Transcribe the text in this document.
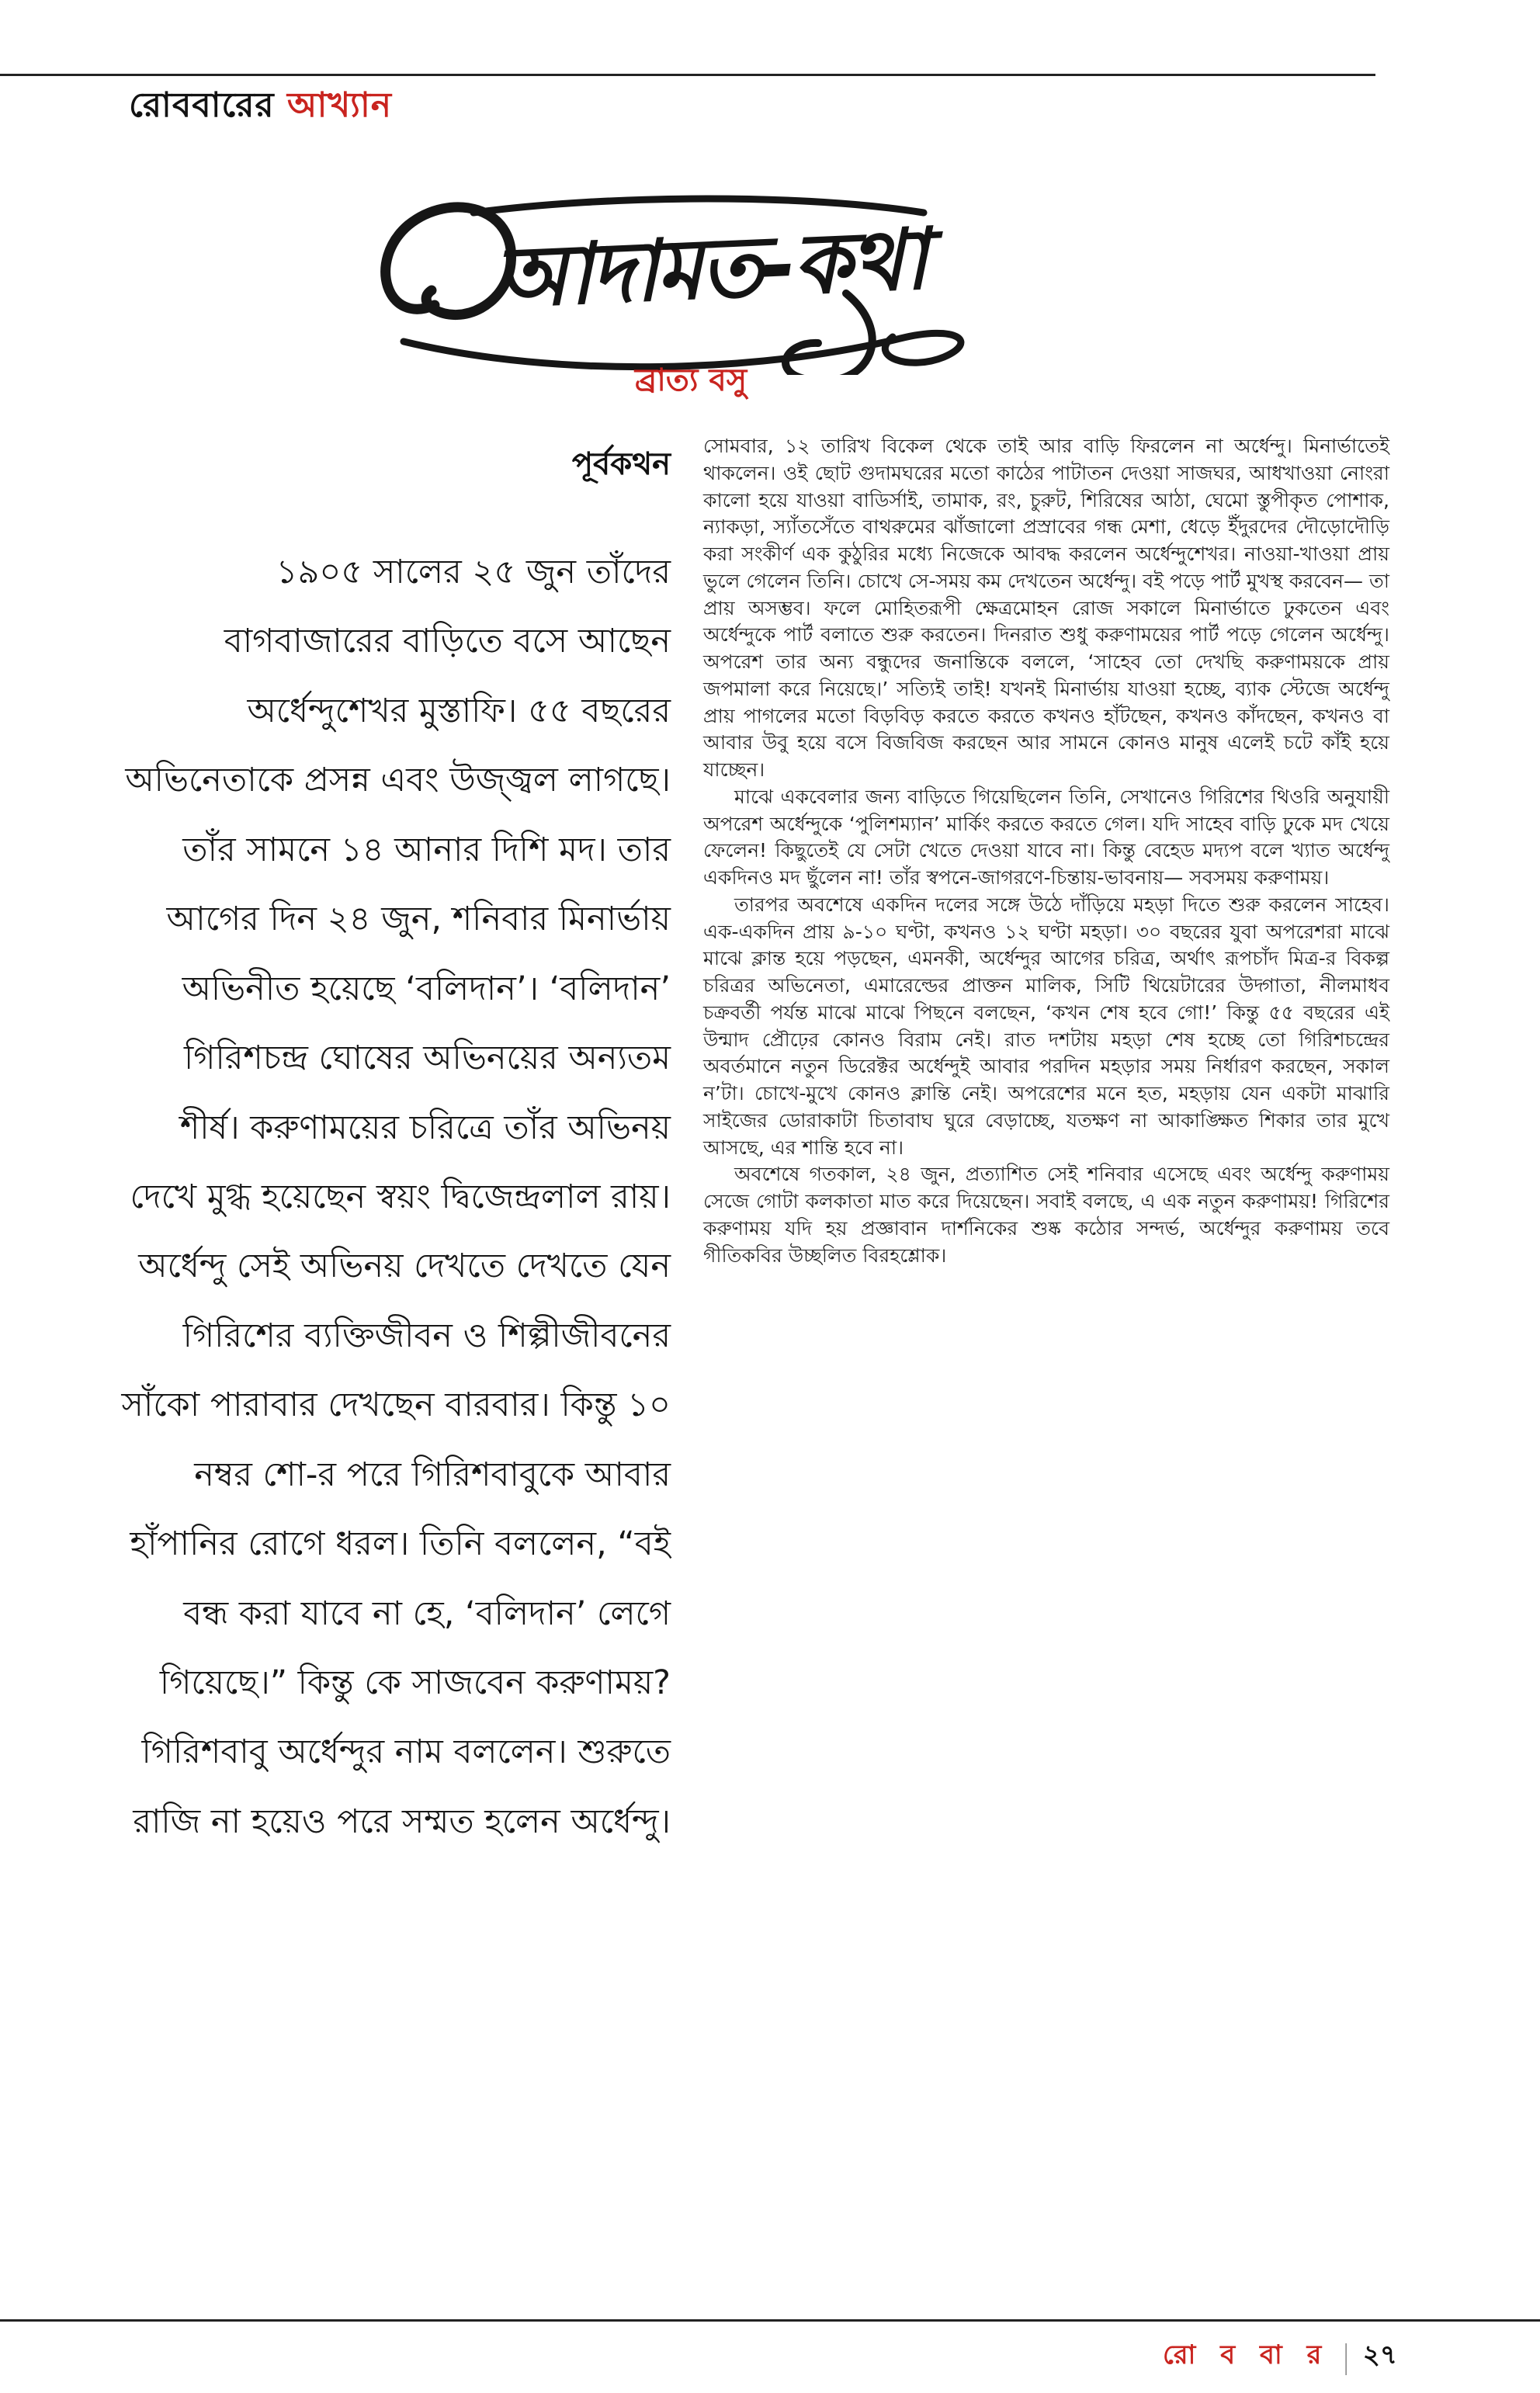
রোববারের আখ্যান
আদামত-কথা
ব্রাত্য বসু
পূর্বকথন

১৯০৫ সালের ২৫ জুন তাঁদের বাগবাজারের বাড়িতে বসে আছেন অর্ধেন্দুশেখর মুস্তাফি। ৫৫ বছরের অভিনেতাকে প্রসন্ন এবং উজ্জ্বল লাগছে। তাঁর সামনে ১৪ আনার দিশি মদ। তার আগের দিন ২৪ জুন, শনিবার মিনার্ভায় অভিনীত হয়েছে ‘বলিদান’। ‘বলিদান’ গিরিশচন্দ্র ঘোষের অভিনয়ের অন্যতম শীর্ষ। করুণাময়ের চরিত্রে তাঁর অভিনয় দেখে মুগ্ধ হয়েছেন স্বয়ং দ্বিজেন্দ্রলাল রায়। অর্ধেন্দু সেই অভিনয় দেখতে দেখতে যেন গিরিশের ব্যক্তিজীবন ও শিল্পীজীবনের সাঁকো পারাবার দেখছেন বারবার। কিন্তু ১০ নম্বর শো-র পরে গিরিশবাবুকে আবার হাঁপানির রোগে ধরল। তিনি বললেন, “বই বন্ধ করা যাবে না হে, ‘বলিদান’ লেগে গিয়েছে।” কিন্তু কে সাজবেন করুণাময়? গিরিশবাবু অর্ধেন্দুর নাম বললেন। শুরুতে রাজি না হয়েও পরে সম্মত হলেন অর্ধেন্দু।

সোমবার, ১২ তারিখ বিকেল থেকে তাই আর বাড়ি ফিরলেন না অর্ধেন্দু। মিনার্ভাতেই থাকলেন। ওই ছোট গুদামঘরের মতো কাঠের পাটাতন দেওয়া সাজঘর, আধখাওয়া নোংরা কালো হয়ে যাওয়া বাডির্সাই, তামাক, রং, চুরুট, শিরিষের আঠা, ঘেমো স্তুপীকৃত পোশাক, ন্যাকড়া, স্যাঁতসেঁতে বাথরুমের ঝাঁজালো প্রস্রাবের গন্ধ মেশা, ধেড়ে ইঁদুরদের দৌড়োদৌড়ি করা সংকীর্ণ এক কুঠুরির মধ্যে নিজেকে আবদ্ধ করলেন অর্ধেন্দুশেখর। নাওয়া-খাওয়া প্রায় ভুলে গেলেন তিনি। চোখে সে-সময় কম দেখতেন অর্ধেন্দু। বই পড়ে পার্ট মুখস্থ করবেন— তা প্রায় অসম্ভব। ফলে মোহিতরূপী ক্ষেত্রমোহন রোজ সকালে মিনার্ভাতে ঢুকতেন এবং অর্ধেন্দুকে পার্ট বলাতে শুরু করতেন। দিনরাত শুধু করুণাময়ের পার্ট পড়ে গেলেন অর্ধেন্দু। অপরেশ তার অন্য বন্ধুদের জনান্তিকে বললে, ‘সাহেব তো দেখছি করুণাময়কে প্রায় জপমালা করে নিয়েছে।’ সত্যিই তাই! যখনই মিনার্ভায় যাওয়া হচ্ছে, ব্যাক স্টেজে অর্ধেন্দু প্রায় পাগলের মতো বিড়বিড় করতে করতে কখনও হাঁটছেন, কখনও কাঁদছেন, কখনও বা আবার উবু হয়ে বসে বিজবিজ করছেন আর সামনে কোনও মানুষ এলেই চটে কাঁই হয়ে যাচ্ছেন।

মাঝে একবেলার জন্য বাড়িতে গিয়েছিলেন তিনি, সেখানেও গিরিশের থিওরি অনুযায়ী অপরেশ অর্ধেন্দুকে ‘পুলিশম্যান’ মার্কিং করতে করতে গেল। যদি সাহেব বাড়ি ঢুকে মদ খেয়ে ফেলেন! কিছুতেই যে সেটা খেতে দেওয়া যাবে না। কিন্তু বেহেড মদ্যপ বলে খ্যাত অর্ধেন্দু একদিনও মদ ছুঁলেন না! তাঁর স্বপনে-জাগরণে-চিন্তায়-ভাবনায়— সবসময় করুণাময়।

তারপর অবশেষে একদিন দলের সঙ্গে উঠে দাঁড়িয়ে মহড়া দিতে শুরু করলেন সাহেব। এক-একদিন প্রায় ৯-১০ ঘণ্টা, কখনও ১২ ঘণ্টা মহড়া। ৩০ বছরের যুবা অপরেশরা মাঝে মাঝে ক্লান্ত হয়ে পড়ছেন, এমনকী, অর্ধেন্দুর আগের চরিত্র, অর্থাৎ রূপচাঁদ মিত্র-র বিকল্প চরিত্রর অভিনেতা, এমারেল্ডের প্রাক্তন মালিক, সিটি থিয়েটারের উদ্গাতা, নীলমাধব চক্রবর্তী পর্যন্ত মাঝে মাঝে পিছনে বলছেন, ‘কখন শেষ হবে গো!’ কিন্তু ৫৫ বছরের এই উন্মাদ প্রৌঢ়ের কোনও বিরাম নেই। রাত দশটায় মহড়া শেষ হচ্ছে তো গিরিশচন্দ্রের অবর্তমানে নতুন ডিরেক্টর অর্ধেন্দুই আবার পরদিন মহড়ার সময় নির্ধারণ করছেন, সকাল ন’টা। চোখে-মুখে কোনও ক্লান্তি নেই। অপরেশের মনে হত, মহড়ায় যেন একটা মাঝারি সাইজের ডোরাকাটা চিতাবাঘ ঘুরে বেড়াচ্ছে, যতক্ষণ না আকাঙ্ক্ষিত শিকার তার মুখে আসছে, এর শান্তি হবে না।

অবশেষে গতকাল, ২৪ জুন, প্রত্যাশিত সেই শনিবার এসেছে এবং অর্ধেন্দু করুণাময় সেজে গোটা কলকাতা মাত করে দিয়েছেন। সবাই বলছে, এ এক নতুন করুণাময়! গিরিশের করুণাময় যদি হয় প্রজ্ঞাবান দার্শনিকের শুষ্ক কঠোর সন্দর্ভ, অর্ধেন্দুর করুণাময় তবে গীতিকবির উচ্ছলিত বিরহশ্লোক।

রো ব বা র | ২৭
